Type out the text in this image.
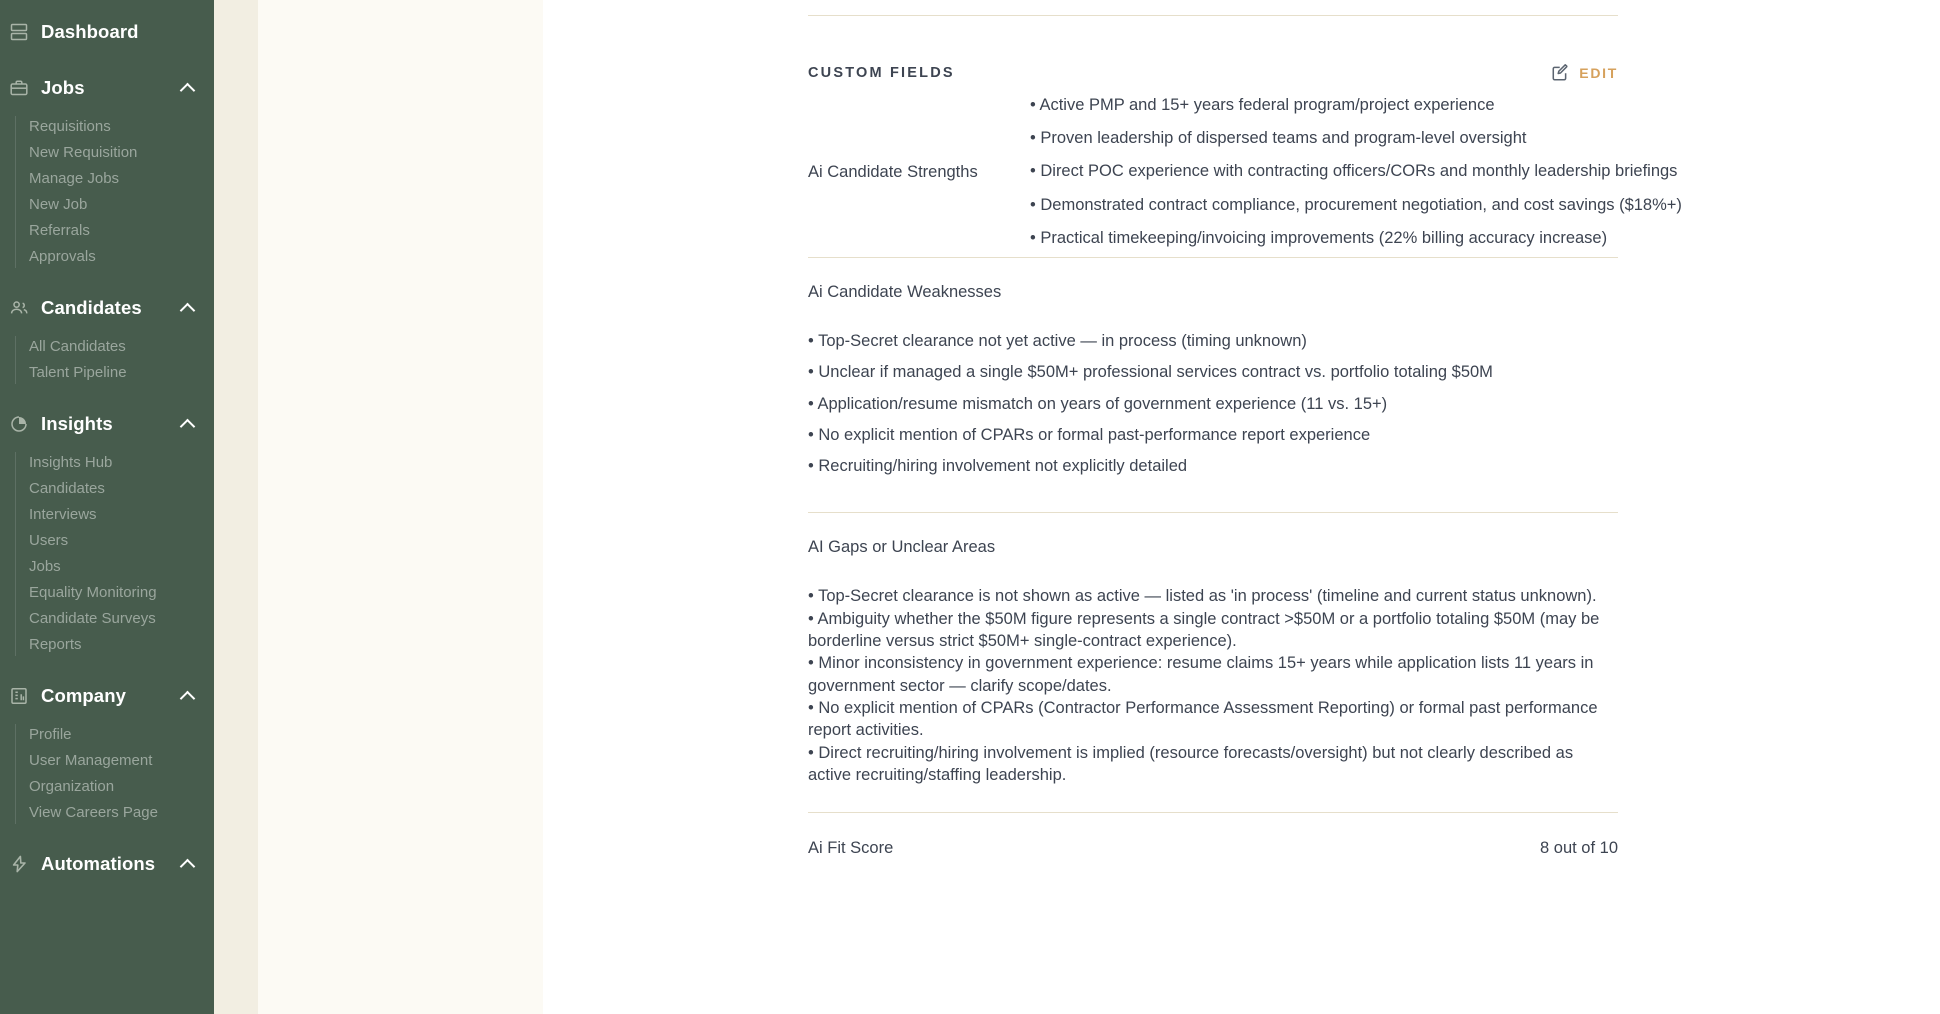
Dashboard
Jobs
Requisitions
New Requisition
Manage Jobs
New Job
Referrals
Approvals
Candidates
All Candidates
Talent Pipeline
Insights
Insights Hub
Candidates
Interviews
Users
Jobs
Equality Monitoring
Candidate Surveys
Reports
Company
Profile
User Management
Organization
View Careers Page
Automations
CUSTOM FIELDS	EDIT
Ai Candidate Strengths
• Active PMP and 15+ years federal program/project experience
• Proven leadership of dispersed teams and program-level oversight
• Direct POC experience with contracting officers/CORs and monthly leadership briefings
• Demonstrated contract compliance, procurement negotiation, and cost savings ($18%+)
• Practical timekeeping/invoicing improvements (22% billing accuracy increase)
Ai Candidate Weaknesses
• Top-Secret clearance not yet active — in process (timing unknown)
• Unclear if managed a single $50M+ professional services contract vs. portfolio totaling $50M
• Application/resume mismatch on years of government experience (11 vs. 15+)
• No explicit mention of CPARs or formal past-performance report experience
• Recruiting/hiring involvement not explicitly detailed
AI Gaps or Unclear Areas
• Top-Secret clearance is not shown as active — listed as 'in process' (timeline and current status unknown).
• Ambiguity whether the $50M figure represents a single contract >$50M or a portfolio totaling $50M (may be borderline versus strict $50M+ single-contract experience).
• Minor inconsistency in government experience: resume claims 15+ years while application lists 11 years in government sector — clarify scope/dates.
• No explicit mention of CPARs (Contractor Performance Assessment Reporting) or formal past performance report activities.
• Direct recruiting/hiring involvement is implied (resource forecasts/oversight) but not clearly described as active recruiting/staffing leadership.
Ai Fit Score	8 out of 10
